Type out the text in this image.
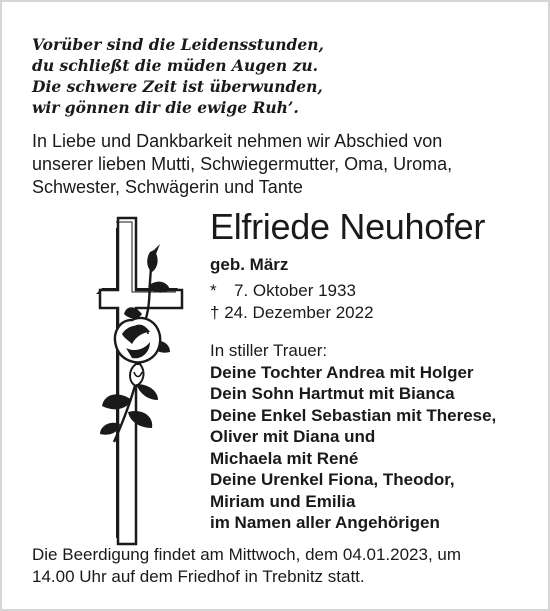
Vorüber sind die Leidensstunden,
du schließt die müden Augen zu.
Die schwere Zeit ist überwunden,
wir gönnen dir die ewige Ruh’.
In Liebe und Dankbarkeit nehmen wir Abschied von
unserer lieben Mutti, Schwiegermutter, Oma, Uroma,
Schwester, Schwägerin und Tante
Elfriede Neuhofer
geb. März
* 7. Oktober 1933
† 24. Dezember 2022
In stiller Trauer:
Deine Tochter Andrea mit Holger
Dein Sohn Hartmut mit Bianca
Deine Enkel Sebastian mit Therese,
Oliver mit Diana und
Michaela mit René
Deine Urenkel Fiona, Theodor,
Miriam und Emilia
im Namen aller Angehörigen
Die Beerdigung findet am Mittwoch, dem 04.01.2023, um
14.00 Uhr auf dem Friedhof in Trebnitz statt.
